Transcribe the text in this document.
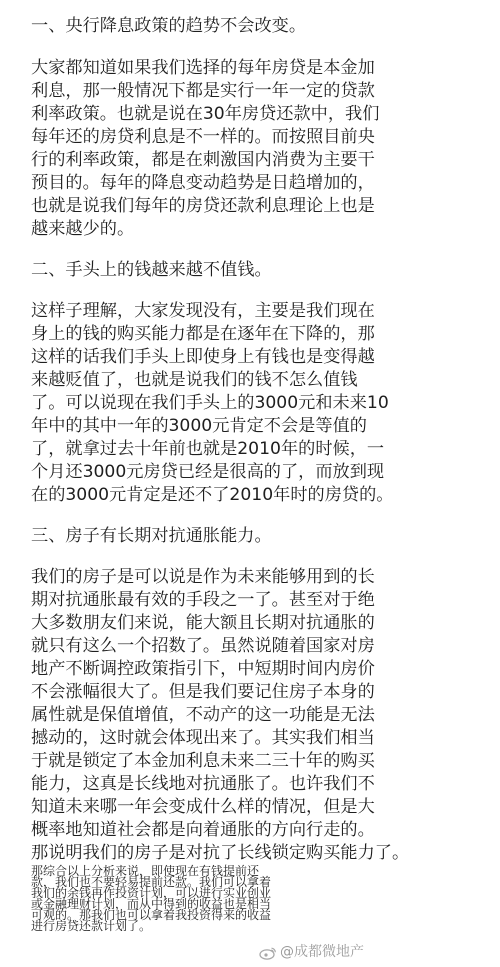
一、央行降息政策的趋势不会改变。
大家都知道如果我们选择的每年房贷是本金加
利息，那一般情况下都是实行一年一定的贷款
利率政策。也就是说在30年房贷还款中，我们
每年还的房贷利息是不一样的。而按照目前央
行的利率政策，都是在刺激国内消费为主要干
预目的。每年的降息变动趋势是日趋增加的，
也就是说我们每年的房贷还款利息理论上也是
越来越少的。
二、手头上的钱越来越不值钱。
这样子理解，大家发现没有，主要是我们现在
身上的钱的购买能力都是在逐年在下降的，那
这样的话我们手头上即使身上有钱也是变得越
来越贬值了，也就是说我们的钱不怎么值钱
了。可以说现在我们手头上的3000元和未来10
年中的其中一年的3000元肯定不会是等值的
了，就拿过去十年前也就是2010年的时候，一
个月还3000元房贷已经是很高的了，而放到现
在的3000元肯定是还不了2010年时的房贷的。
三、房子有长期对抗通胀能力。
我们的房子是可以说是作为未来能够用到的长
期对抗通胀最有效的手段之一了。甚至对于绝
大多数朋友们来说，能大额且长期对抗通胀的
就只有这么一个招数了。虽然说随着国家对房
地产不断调控政策指引下，中短期时间内房价
不会涨幅很大了。但是我们要记住房子本身的
属性就是保值增值，不动产的这一功能是无法
撼动的，这时就会体现出来了。其实我们相当
于就是锁定了本金加利息未来二三十年的购买
能力，这真是长线地对抗通胀了。也许我们不
知道未来哪一年会变成什么样的情况，但是大
概率地知道社会都是向着通胀的方向行走的。
那说明我们的房子是对抗了长线锁定购买能力了。
那综合以上分析来说，即使现在有钱提前还
款，我们也不要轻易提前还款。我们可以拿着
我们的余钱再作投资计划，可以进行实业创业
或金融理财计划，而从中得到的收益也是相当
可观的。那我们也可以拿着我投资得来的收益
进行房贷还款计划了。
@成都微地产
